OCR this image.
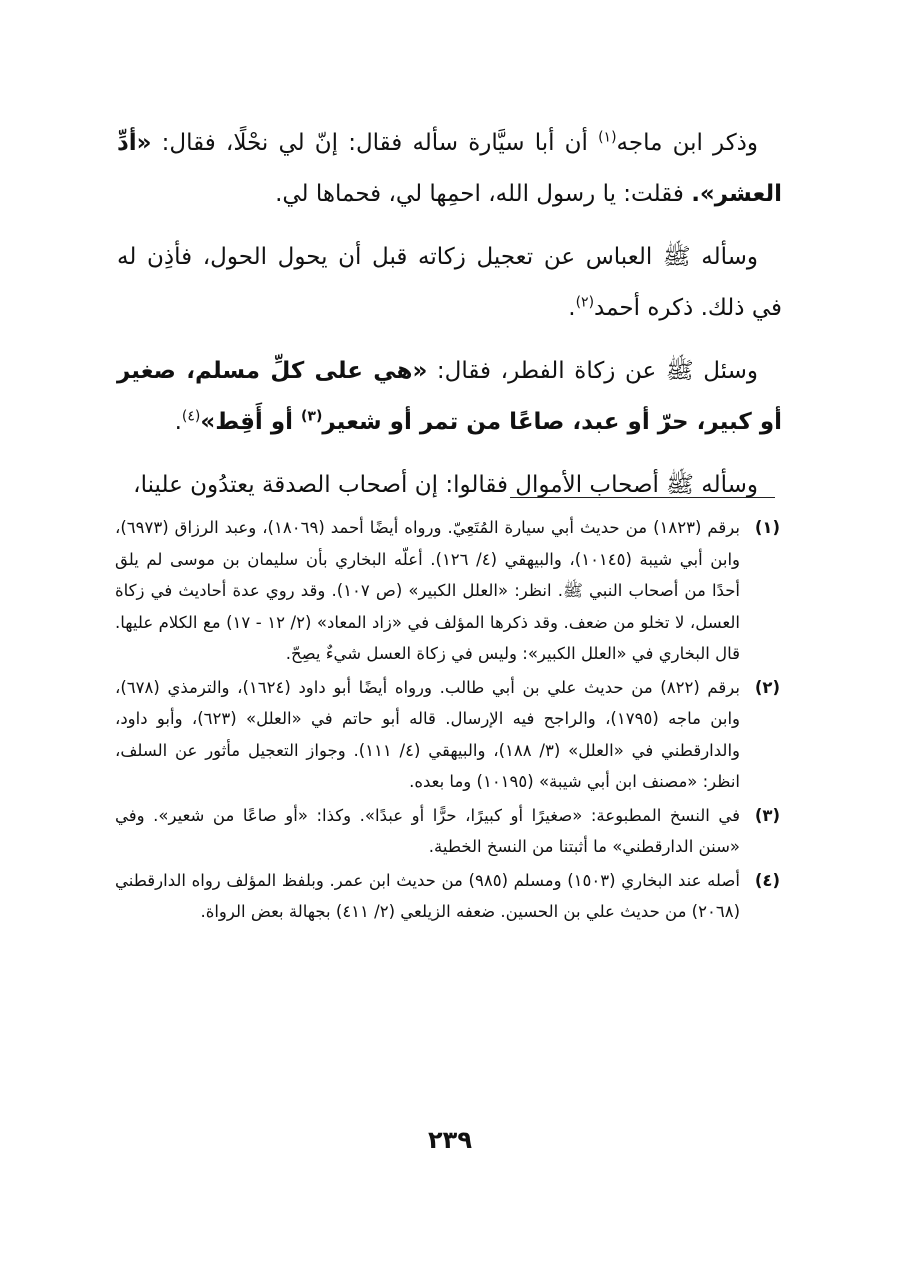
وذكر ابن ماجه$^{(١)}$ أن أبا سيَّارة سأله فقال: إنّ لي نحْلًا، فقال: «أدِّ العشر». فقلت: يا رسول الله، احمِها لي، فحماها لي.

وسأله ﷺ العباس عن تعجيل زكاته قبل أن يحول الحول، فأذِن له في ذلك. ذكره أحمد$^{(٢)}$.

وسئل ﷺ عن زكاة الفطر، فقال: «هي على كلِّ مسلم، صغير أو كبير، حرّ أو عبد، صاعًا من تمر أو شعير$^{(٣)}$ أو أَقِط»$^{(٤)}$.

وسأله ﷺ أصحاب الأموال فقالوا: إن أصحاب الصدقة يعتدُون علينا،

(١)
برقم (١٨٢٣) من حديث أبي سيارة المُتَعِيّ. ورواه أيضًا أحمد (١٨٠٦٩)، وعبد الرزاق (٦٩٧٣)، وابن أبي شيبة (١٠١٤٥)، والبيهقي (٤/ ١٢٦). أعلّه البخاري بأن سليمان بن موسى لم يلق أحدًا من أصحاب النبي ﷺ. انظر: «العلل الكبير» (ص ١٠٧). وقد روي عدة أحاديث في زكاة العسل، لا تخلو من ضعف. وقد ذكرها المؤلف في «زاد المعاد» (٢/ ١٢ - ١٧) مع الكلام عليها. قال البخاري في «العلل الكبير»: وليس في زكاة العسل شيءٌ يصِحّ.
(٢)
برقم (٨٢٢) من حديث علي بن أبي طالب. ورواه أيضًا أبو داود (١٦٢٤)، والترمذي (٦٧٨)، وابن ماجه (١٧٩٥)، والراجح فيه الإرسال. قاله أبو حاتم في «العلل» (٦٢٣)، وأبو داود، والدارقطني في «العلل» (٣/ ١٨٨)، والبيهقي (٤/ ١١١). وجواز التعجيل مأثور عن السلف، انظر: «مصنف ابن أبي شيبة» (١٠١٩٥) وما بعده.
(٣)
في النسخ المطبوعة: «صغيرًا أو كبيرًا، حرًّا أو عبدًا». وكذا: «أو صاعًا من شعير». وفي «سنن الدارقطني» ما أثبتنا من النسخ الخطية.
(٤)
أصله عند البخاري (١٥٠٣) ومسلم (٩٨٥) من حديث ابن عمر. وبلفظ المؤلف رواه الدارقطني (٢٠٦٨) من حديث علي بن الحسين. ضعفه الزيلعي (٢/ ٤١١) بجهالة بعض الرواة.
٢٣٩
